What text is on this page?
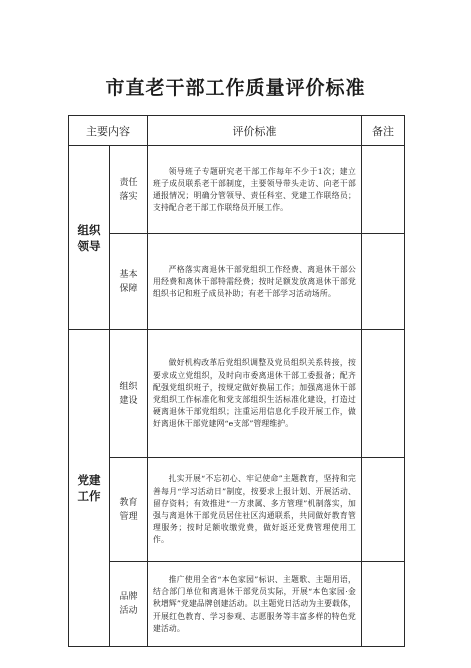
市直老干部工作质量评价标准
主要内容		评价标准	备注
组织领导	责任落实	领导班子专题研究老干部工作每年不少于1次；建立班子成员联系老干部制度，主要领导带头走访、向老干部通报情况；明确分管领导、责任科室、党建工作联络员；支持配合老干部工作联络员开展工作。	
	基本保障	严格落实离退休干部党组织工作经费、离退休干部公用经费和离休干部特需经费；按时足额发放离退休干部党组织书记和班子成员补助；有老干部学习活动场所。	
党建工作	组织建设	做好机构改革后党组织调整及党员组织关系转接，按要求成立党组织，及时向市委离退休干部工委报备；配齐配强党组织班子，按规定做好换届工作；加强离退休干部党组织工作标准化和党支部组织生活标准化建设，打造过硬离退休干部党组织；注重运用信息化手段开展工作，做好离退休干部党建网“e支部”管理维护。	
	教育管理	扎实开展“不忘初心、牢记使命”主题教育，坚持和完善每月“学习活动日”制度，按要求上报计划、开展活动、留存资料；有效推进“一方隶属、多方管理”机制落实，加强与离退休干部党员居住社区沟通联系，共同做好教育管理服务；按时足额收缴党费，做好返还党费管理使用工作。	
	品牌活动	推广使用全省“本色家园”标识、主题歌、主题用语，结合部门单位和离退休干部党员实际，开展“本色家园·金秋增辉”党建品牌创建活动。以主题党日活动为主要载体，开展红色教育、学习参观、志愿服务等丰富多样的特色党建活动。	
